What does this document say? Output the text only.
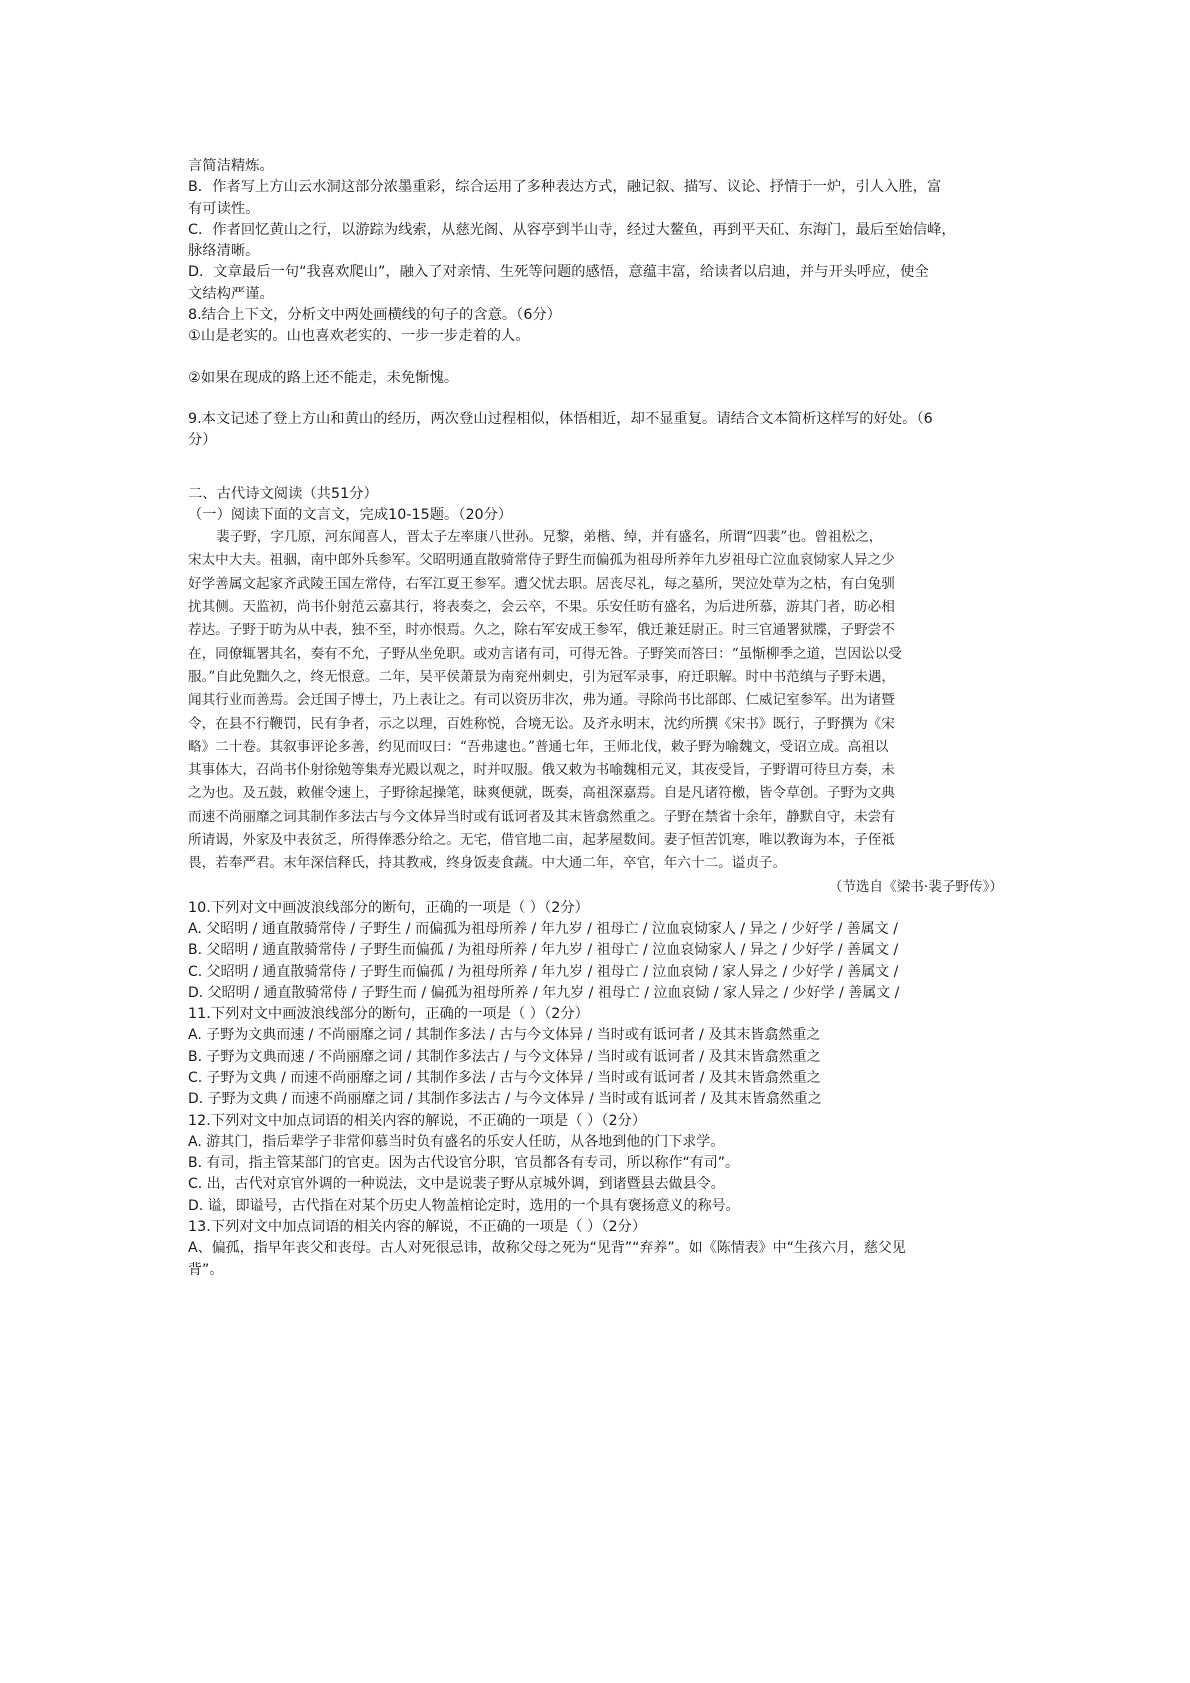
言简洁精炼。
B．作者写上方山云水洞这部分浓墨重彩，综合运用了多种表达方式，融记叙、描写、议论、抒情于一炉，引人入胜，富
有可读性。
C．作者回忆黄山之行，以游踪为线索，从慈光阁、从容亭到半山寺，经过大鳌鱼，再到平天矼、东海门，最后至始信峰，
脉络清晰。
D．文章最后一句“我喜欢爬山”，融入了对亲情、生死等问题的感悟，意蕴丰富，给读者以启迪，并与开头呼应，使全
文结构严谨。
8.结合上下文，分析文中两处画横线的句子的含意。（6分）
①山是老实的。山也喜欢老实的、一步一步走着的人。
②如果在现成的路上还不能走，未免惭愧。
9.本文记述了登上方山和黄山的经历，两次登山过程相似，体悟相近，却不显重复。请结合文本简析这样写的好处。（6
分）
二、古代诗文阅读（共51分）
（一）阅读下面的文言文，完成10-15题。（20分）
裴子野，字几原，河东闻喜人，晋太子左率康八世孙。兄黎，弟楷、绰，并有盛名，所谓“四裴”也。曾祖松之，
宋太中大夫。祖骃，南中郎外兵参军。父昭明通直散骑常侍子野生而偏孤为祖母所养年九岁祖母亡泣血哀恸家人异之少
好学善属文起家齐武陵王国左常侍，右军江夏王参军。遭父忧去职。居丧尽礼，每之墓所，哭泣处草为之枯，有白兔驯
扰其侧。天监初，尚书仆射范云嘉其行，将表奏之，会云卒，不果。乐安任昉有盛名，为后进所慕，游其门者，昉必相
荐达。子野于昉为从中表，独不至，时亦恨焉。久之，除右军安成王参军，俄迁兼廷尉正。时三官通署狱牒，子野尝不
在，同僚辄署其名，奏有不允，子野从坐免职。或劝言诸有司，可得无咎。子野笑而答曰：“虽惭柳季之道，岂因讼以受
服。”自此免黜久之，终无恨意。二年，吴平侯萧景为南兖州刺史，引为冠军录事，府迁职解。时中书范缜与子野未遇，
闻其行业而善焉。会迁国子博士，乃上表让之。有司以资历非次，弗为通。寻除尚书比部郎、仁威记室参军。出为诸暨
令，在县不行鞭罚，民有争者，示之以理，百姓称悦，合境无讼。及齐永明末，沈约所撰《宋书》既行，子野撰为《宋
略》二十卷。其叙事评论多善，约见而叹曰：“吾弗逮也。”普通七年，王师北伐，敕子野为喻魏文，受诏立成。高祖以
其事体大，召尚书仆射徐勉等集寿光殿以观之，时并叹服。俄又敕为书喻魏相元叉，其夜受旨，子野谓可待旦方奏，未
之为也。及五鼓，敕催令速上，子野徐起操笔，昧爽便就，既奏，高祖深嘉焉。自是凡诸符檄，皆令草创。子野为文典
而速不尚丽靡之词其制作多法古与今文体异当时或有诋诃者及其末皆翕然重之。子野在禁省十余年，静默自守，未尝有
所请谒，外家及中表贫乏，所得俸悉分给之。无宅，借官地二亩，起茅屋数间。妻子恒苦饥寒，唯以教诲为本，子侄祗
畏，若奉严君。末年深信释氏，持其教戒，终身饭麦食蔬。中大通二年，卒官，年六十二。谥贞子。
（节选自《梁书·裴子野传》）
10.下列对文中画波浪线部分的断句，正确的一项是（ ）（2分）
A. 父昭明 / 通直散骑常侍 / 子野生 / 而偏孤为祖母所养 / 年九岁 / 祖母亡 / 泣血哀恸家人 / 异之 / 少好学 / 善属文 /
B. 父昭明 / 通直散骑常侍 / 子野生而偏孤 / 为祖母所养 / 年九岁 / 祖母亡 / 泣血哀恸家人 / 异之 / 少好学 / 善属文 /
C. 父昭明 / 通直散骑常侍 / 子野生而偏孤 / 为祖母所养 / 年九岁 / 祖母亡 / 泣血哀恸 / 家人异之 / 少好学 / 善属文 /
D. 父昭明 / 通直散骑常侍 / 子野生而 / 偏孤为祖母所养 / 年九岁 / 祖母亡 / 泣血哀恸 / 家人异之 / 少好学 / 善属文 /
11.下列对文中画波浪线部分的断句，正确的一项是（ ）（2分）
A. 子野为文典而速 / 不尚丽靡之词 / 其制作多法 / 古与今文体异 / 当时或有诋诃者 / 及其末皆翕然重之
B. 子野为文典而速 / 不尚丽靡之词 / 其制作多法古 / 与今文体异 / 当时或有诋诃者 / 及其末皆翕然重之
C. 子野为文典 / 而速不尚丽靡之词 / 其制作多法 / 古与今文体异 / 当时或有诋诃者 / 及其末皆翕然重之
D. 子野为文典 / 而速不尚丽靡之词 / 其制作多法古 / 与今文体异 / 当时或有诋诃者 / 及其末皆翕然重之
12.下列对文中加点词语的相关内容的解说，不正确的一项是（ ）（2分）
A. 游其门，指后辈学子非常仰慕当时负有盛名的乐安人任昉，从各地到他的门下求学。
B. 有司，指主管某部门的官吏。因为古代设官分职，官员都各有专司，所以称作“有司”。
C. 出，古代对京官外调的一种说法，文中是说裴子野从京城外调，到诸暨县去做县令。
D. 谥，即谥号，古代指在对某个历史人物盖棺论定时，选用的一个具有褒扬意义的称号。
13.下列对文中加点词语的相关内容的解说，不正确的一项是（ ）（2分）
A、偏孤，指早年丧父和丧母。古人对死很忌讳，故称父母之死为“见背”“弃养”。如《陈情表》中“生孩六月，慈父见
背”。
